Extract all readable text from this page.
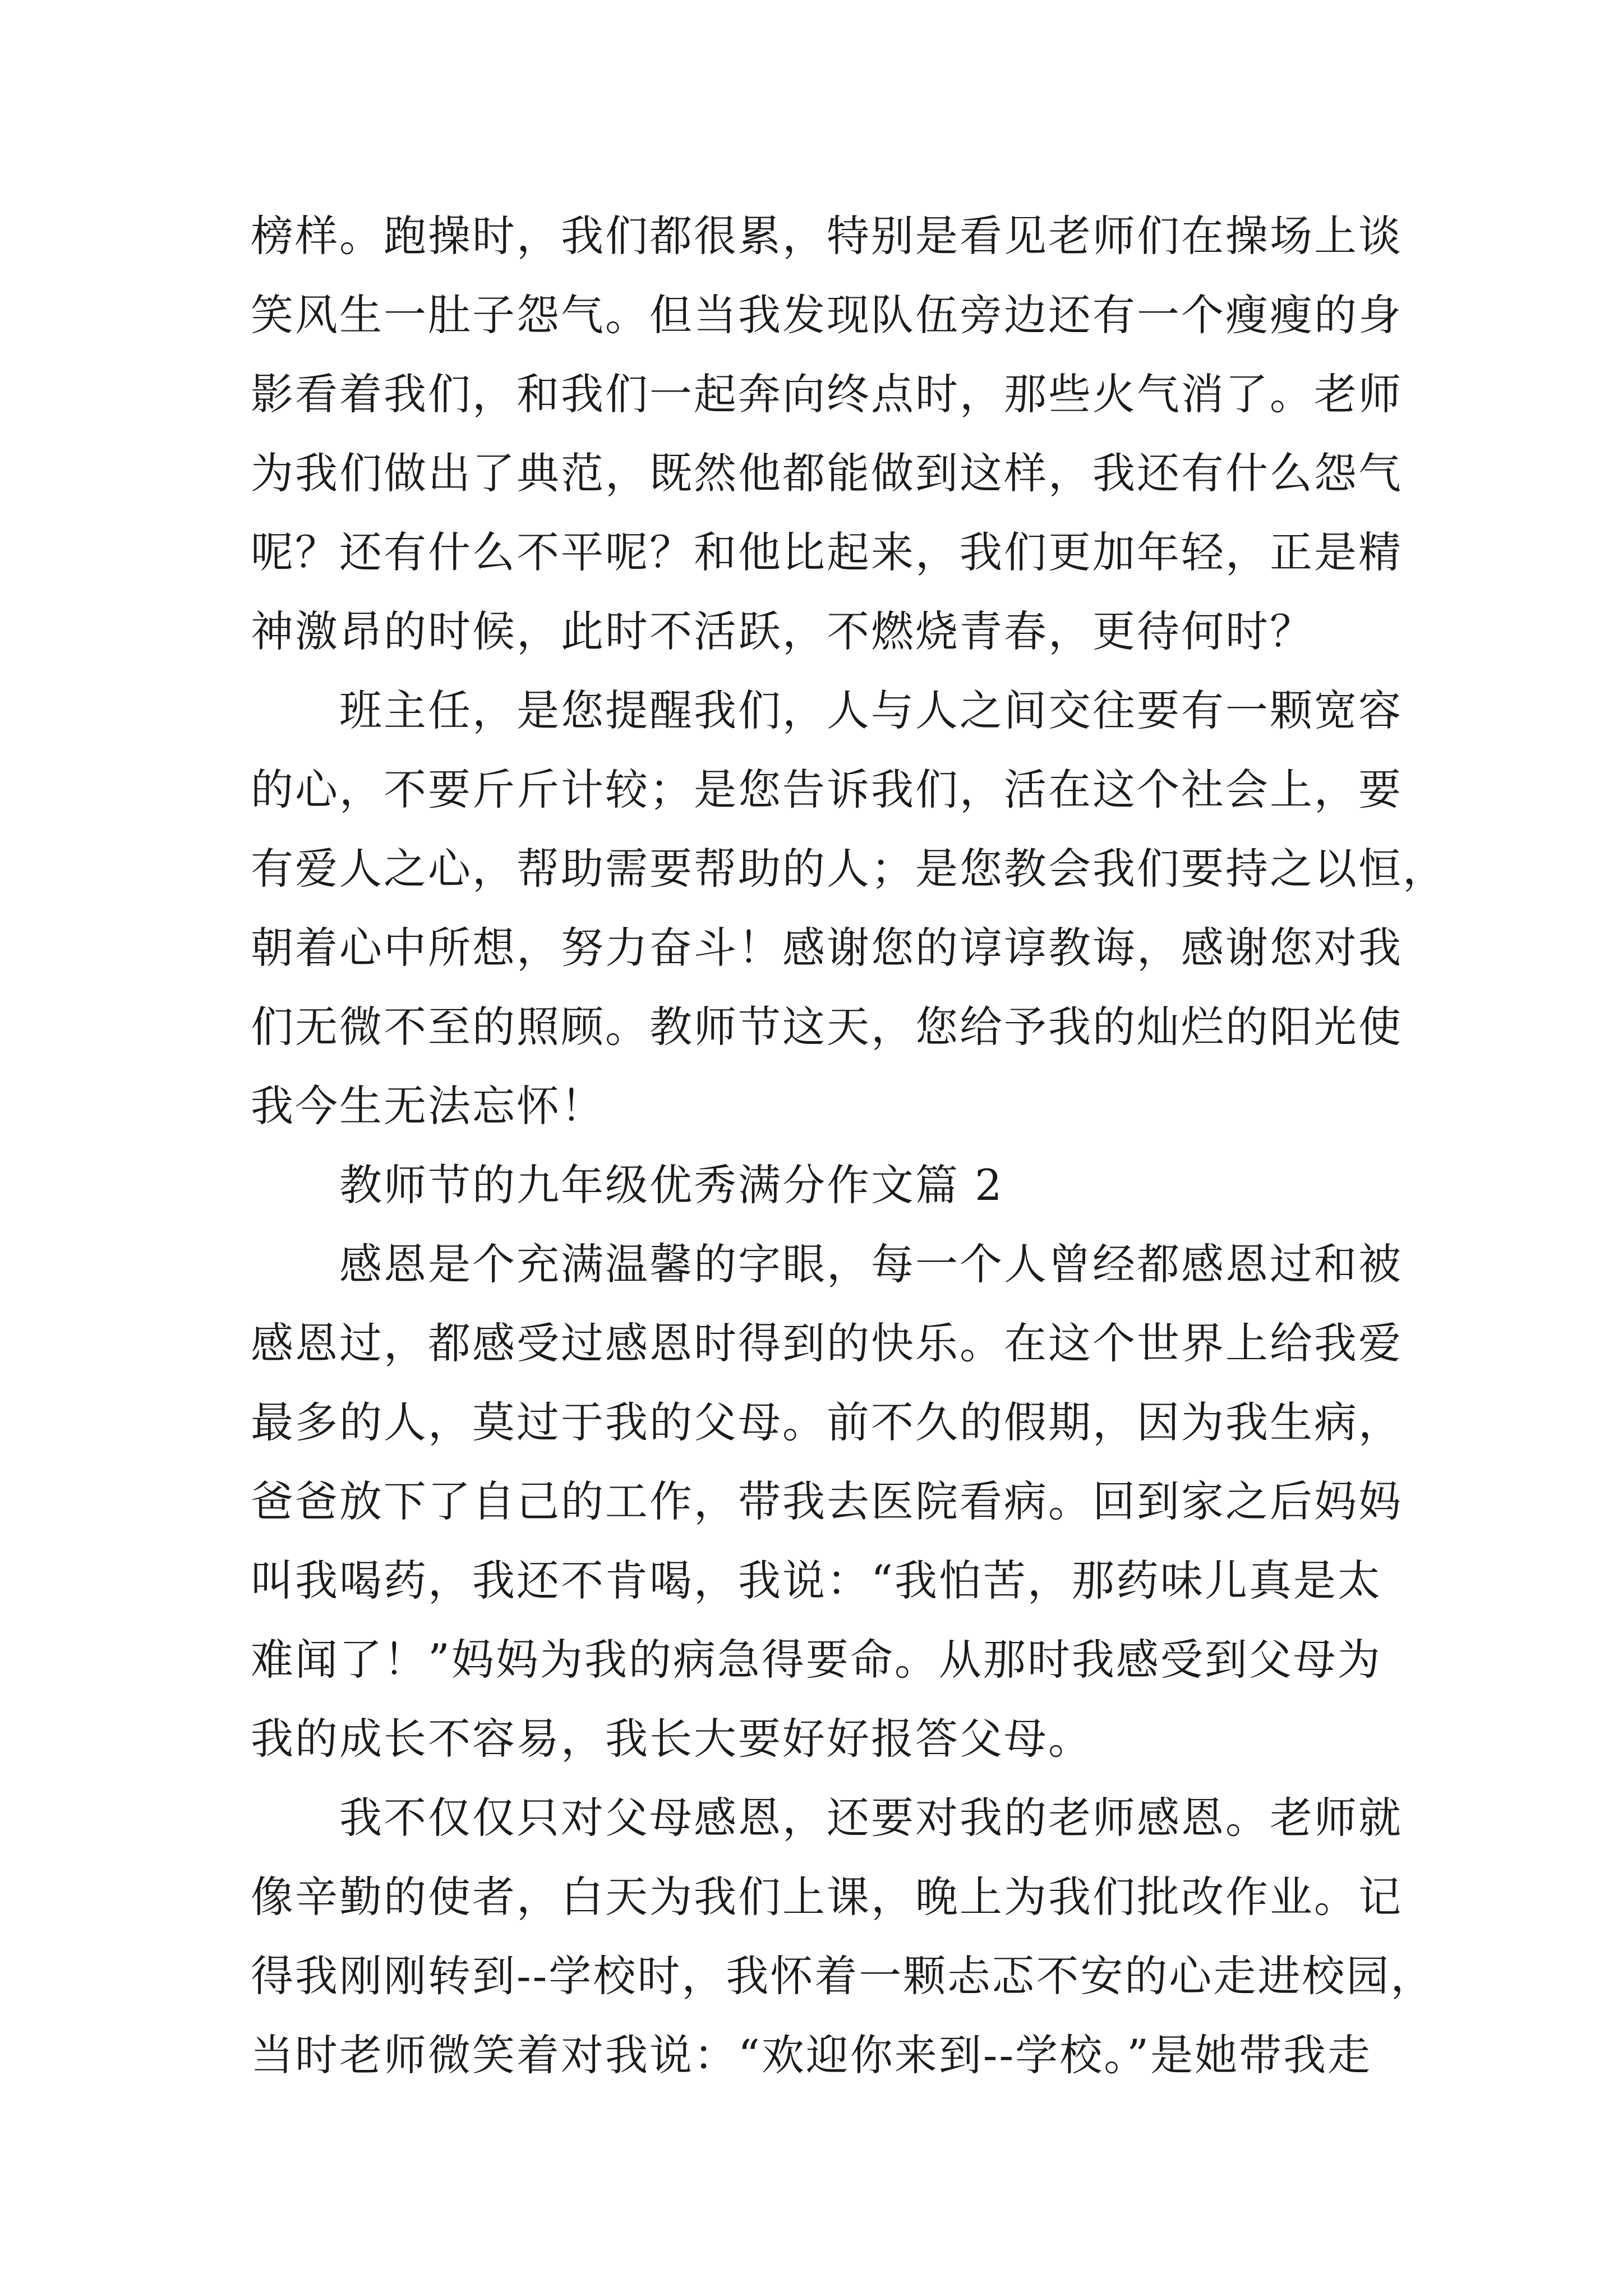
榜样。跑操时，我们都很累，特别是看见老师们在操场上谈
笑风生一肚子怨气。但当我发现队伍旁边还有一个瘦瘦的身
影看着我们，和我们一起奔向终点时，那些火气消了。老师
为我们做出了典范，既然他都能做到这样，我还有什么怨气
呢？还有什么不平呢？和他比起来，我们更加年轻，正是精
神激昂的时候，此时不活跃，不燃烧青春，更待何时？
　　班主任，是您提醒我们，人与人之间交往要有一颗宽容
的心，不要斤斤计较；是您告诉我们，活在这个社会上，要
有爱人之心，帮助需要帮助的人；是您教会我们要持之以恒，
朝着心中所想，努力奋斗！感谢您的谆谆教诲，感谢您对我
们无微不至的照顾。教师节这天，您给予我的灿烂的阳光使
我今生无法忘怀！
　　教师节的九年级优秀满分作文篇 2
　　感恩是个充满温馨的字眼，每一个人曾经都感恩过和被
感恩过，都感受过感恩时得到的快乐。在这个世界上给我爱
最多的人，莫过于我的父母。前不久的假期，因为我生病，
爸爸放下了自己的工作，带我去医院看病。回到家之后妈妈
叫我喝药，我还不肯喝，我说：“我怕苦，那药味儿真是太
难闻了！”妈妈为我的病急得要命。从那时我感受到父母为
我的成长不容易，我长大要好好报答父母。
　　我不仅仅只对父母感恩，还要对我的老师感恩。老师就
像辛勤的使者，白天为我们上课，晚上为我们批改作业。记
得我刚刚转到--学校时，我怀着一颗忐忑不安的心走进校园，
当时老师微笑着对我说：“欢迎你来到--学校。”是她带我走
